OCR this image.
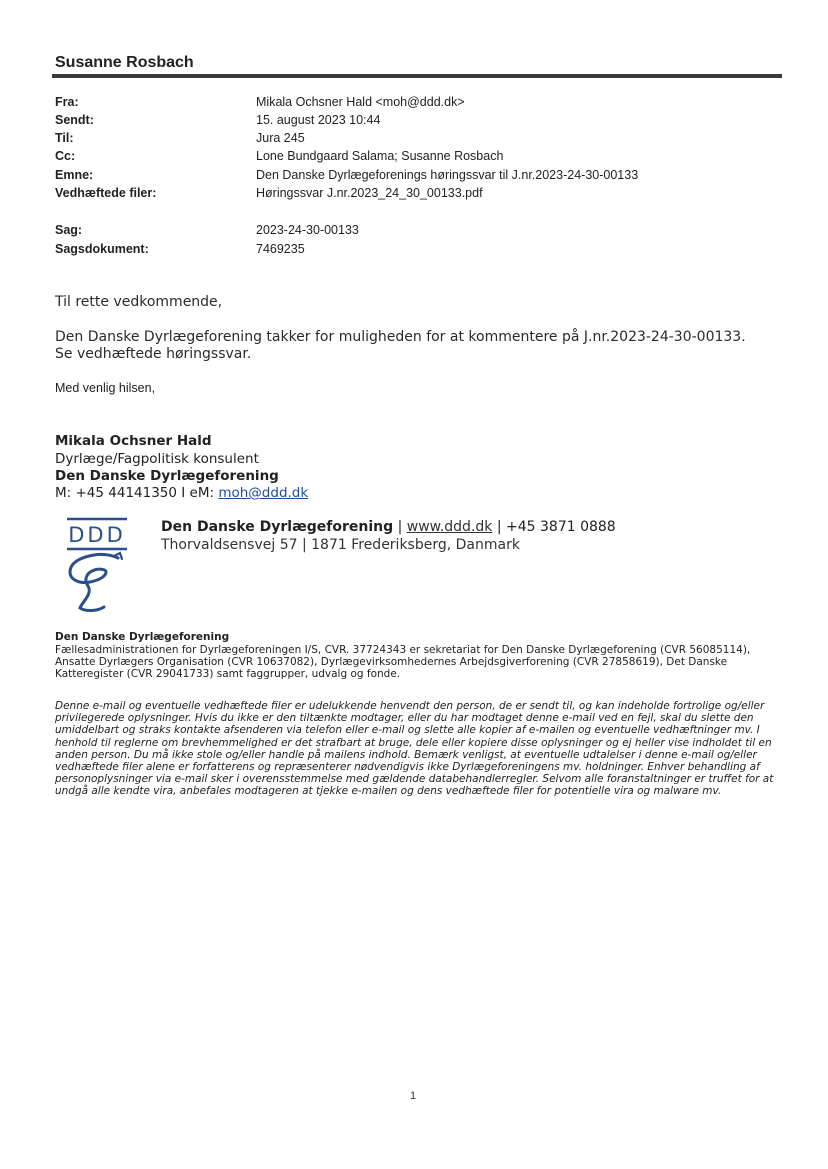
Susanne Rosbach
Fra:	Mikala Ochsner Hald <moh@ddd.dk>
Sendt:	15. august 2023 10:44
Til:	Jura 245
Cc:	Lone Bundgaard Salama; Susanne Rosbach
Emne:	Den Danske Dyrlægeforenings høringssvar til J.nr.2023-24-30-00133
Vedhæftede filer:	Høringssvar J.nr.2023_24_30_00133.pdf
Sag:	2023-24-30-00133
Sagsdokument:	7469235
Til rette vedkommende,
Den Danske Dyrlægeforening takker for muligheden for at kommentere på J.nr.2023-24-30-00133.
Se vedhæftede høringssvar.
Med venlig hilsen,
Mikala Ochsner Hald
Dyrlæge/Fagpolitisk konsulent
Den Danske Dyrlægeforening
M: +45 44141350 I eM: moh@ddd.dk
DDD	Den Danske Dyrlægeforening | www.ddd.dk | +45 3871 0888
Thorvaldsensvej 57 | 1871 Frederiksberg, Danmark
Den Danske Dyrlægeforening
Fællesadministrationen for Dyrlægeforeningen I/S, CVR. 37724343 er sekretariat for Den Danske Dyrlægeforening (CVR 56085114), Ansatte Dyrlægers Organisation (CVR 10637082), Dyrlægevirksomhedernes Arbejdsgiverforening (CVR 27858619), Det Danske Katteregister (CVR 29041733) samt faggrupper, udvalg og fonde.
Denne e-mail og eventuelle vedhæftede filer er udelukkende henvendt den person, de er sendt til, og kan indeholde fortrolige og/eller privilegerede oplysninger. Hvis du ikke er den tiltænkte modtager, eller du har modtaget denne e-mail ved en fejl, skal du slette den umiddelbart og straks kontakte afsenderen via telefon eller e-mail og slette alle kopier af e-mailen og eventuelle vedhæftninger mv. I henhold til reglerne om brevhemmelighed er det strafbart at bruge, dele eller kopiere disse oplysninger og ej heller vise indholdet til en anden person. Du må ikke stole og/eller handle på mailens indhold. Bemærk venligst, at eventuelle udtalelser i denne e-mail og/eller vedhæftede filer alene er forfatterens og repræsenterer nødvendigvis ikke Dyrlægeforeningens mv. holdninger. Enhver behandling af personoplysninger via e-mail sker i overensstemmelse med gældende databehandlerregler. Selvom alle foranstaltninger er truffet for at undgå alle kendte vira, anbefales modtageren at tjekke e-mailen og dens vedhæftede filer for potentielle vira og malware mv.
1
